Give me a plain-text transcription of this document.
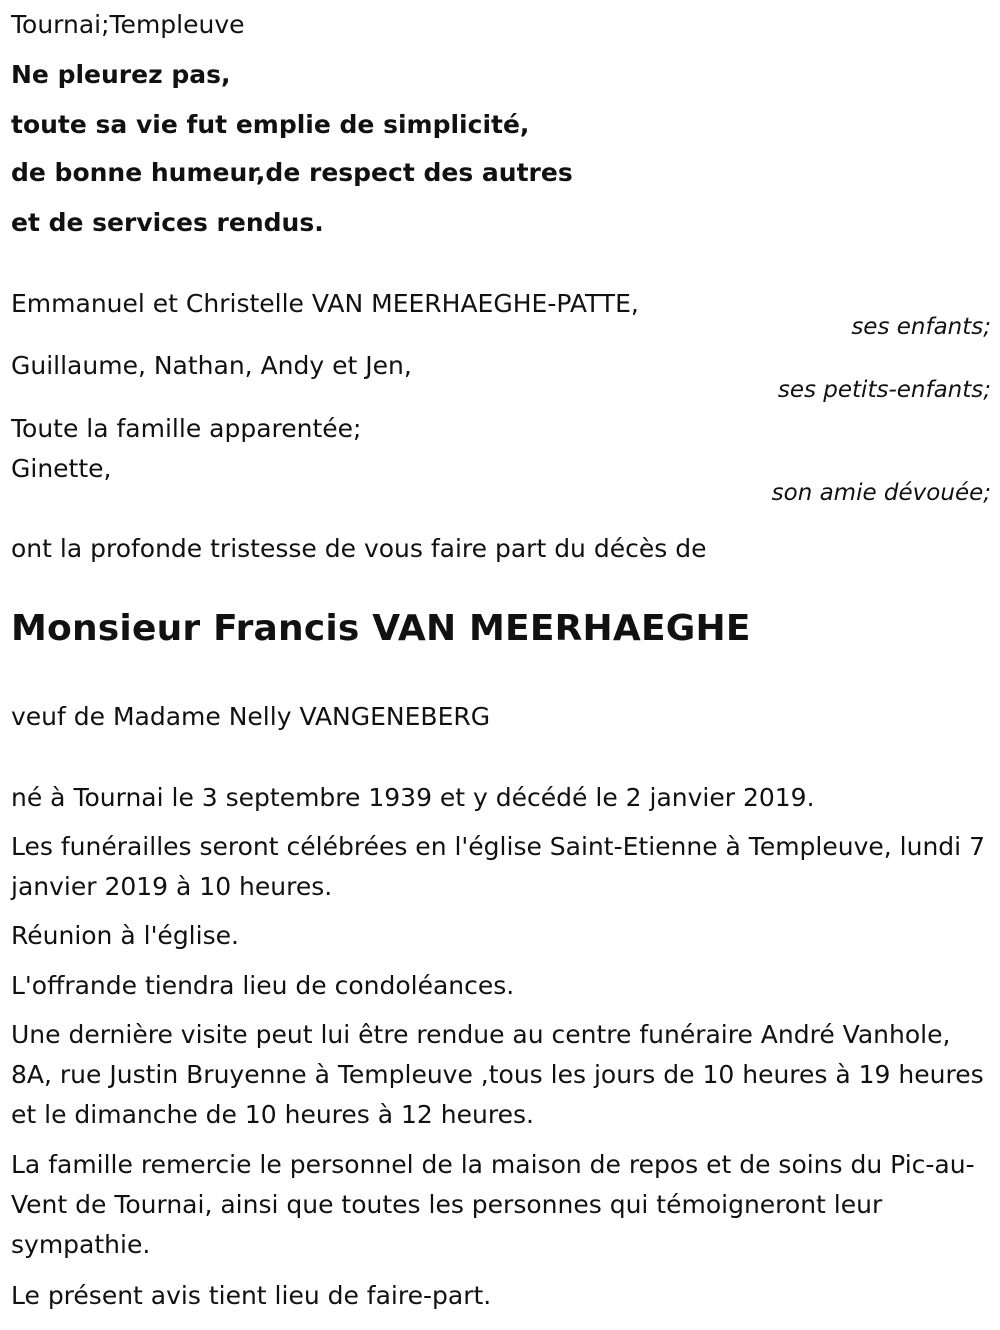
Tournai;Templeuve
Ne pleurez pas,
toute sa vie fut emplie de simplicité,
de bonne humeur,de respect des autres
et de services rendus.
Emmanuel et Christelle VAN MEERHAEGHE-PATTE,
ses enfants;
Guillaume, Nathan, Andy et Jen,
ses petits-enfants;
Toute la famille apparentée;
Ginette,
son amie dévouée;
ont la profonde tristesse de vous faire part du décès de
Monsieur Francis VAN MEERHAEGHE
veuf de Madame Nelly VANGENEBERG
né à Tournai le 3 septembre 1939 et y décédé le 2 janvier 2019.
Les funérailles seront célébrées en l'église Saint-Etienne à Templeuve, lundi 7 janvier 2019 à 10 heures.
Réunion à l'église.
L'offrande tiendra lieu de condoléances.
Une dernière visite peut lui être rendue au centre funéraire André Vanhole, 8A, rue Justin Bruyenne à Templeuve ,tous les jours de 10 heures à 19 heures et le dimanche de 10 heures à 12 heures.
La famille remercie le personnel de la maison de repos et de soins du Pic-au-Vent de Tournai, ainsi que toutes les personnes qui témoigneront leur sympathie.
Le présent avis tient lieu de faire-part.
